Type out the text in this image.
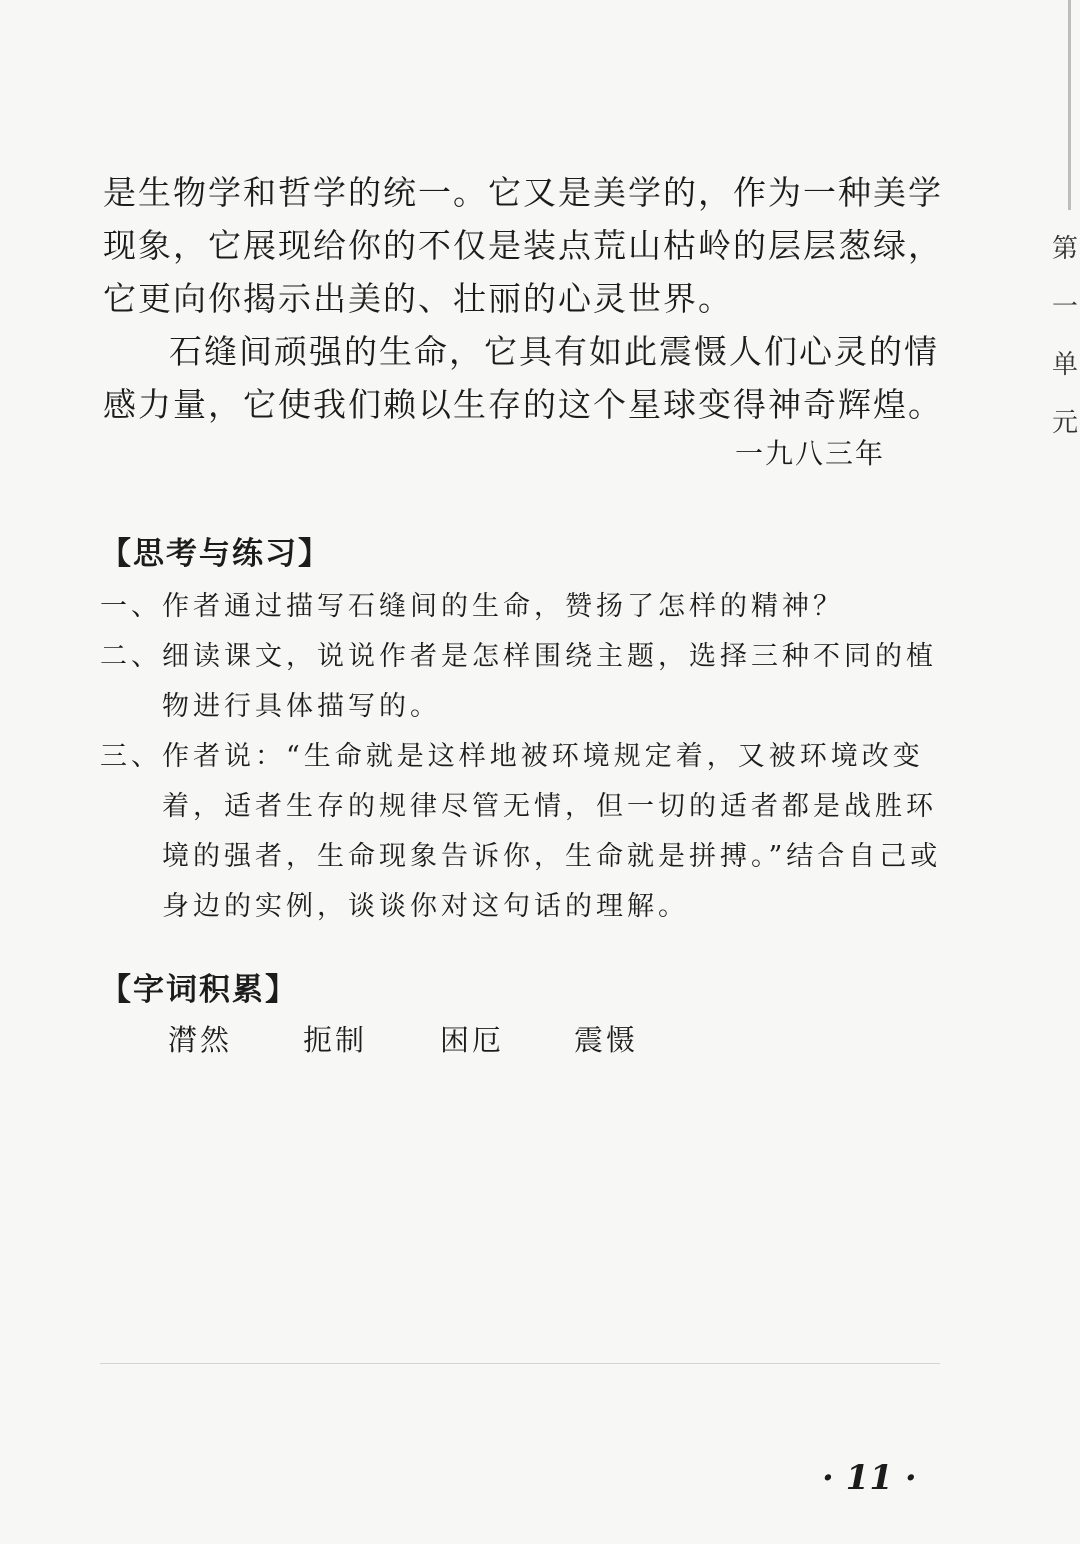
第
一
单
元

是生物学和哲学的统一。它又是美学的，作为一种美学现象，它展现给你的不仅是装点荒山枯岭的层层葱绿，它更向你揭示出美的、壮丽的心灵世界。

石缝间顽强的生命，它具有如此震慑人们心灵的情感力量，它使我们赖以生存的这个星球变得神奇辉煌。

一九八三年
【思考与练习】
一、 作者通过描写石缝间的生命，赞扬了怎样的精神？
二、 细读课文，说说作者是怎样围绕主题，选择三种不同的植物进行具体描写的。
三、 作者说：“生命就是这样地被环境规定着，又被环境改变着，适者生存的规律尽管无情，但一切的适者都是战胜环境的强者，生命现象告诉你，生命就是拼搏。”结合自己或身边的实例，谈谈你对这句话的理解。
【字词积累】
潸然 扼制	困厄 震慑
· 11 ·
